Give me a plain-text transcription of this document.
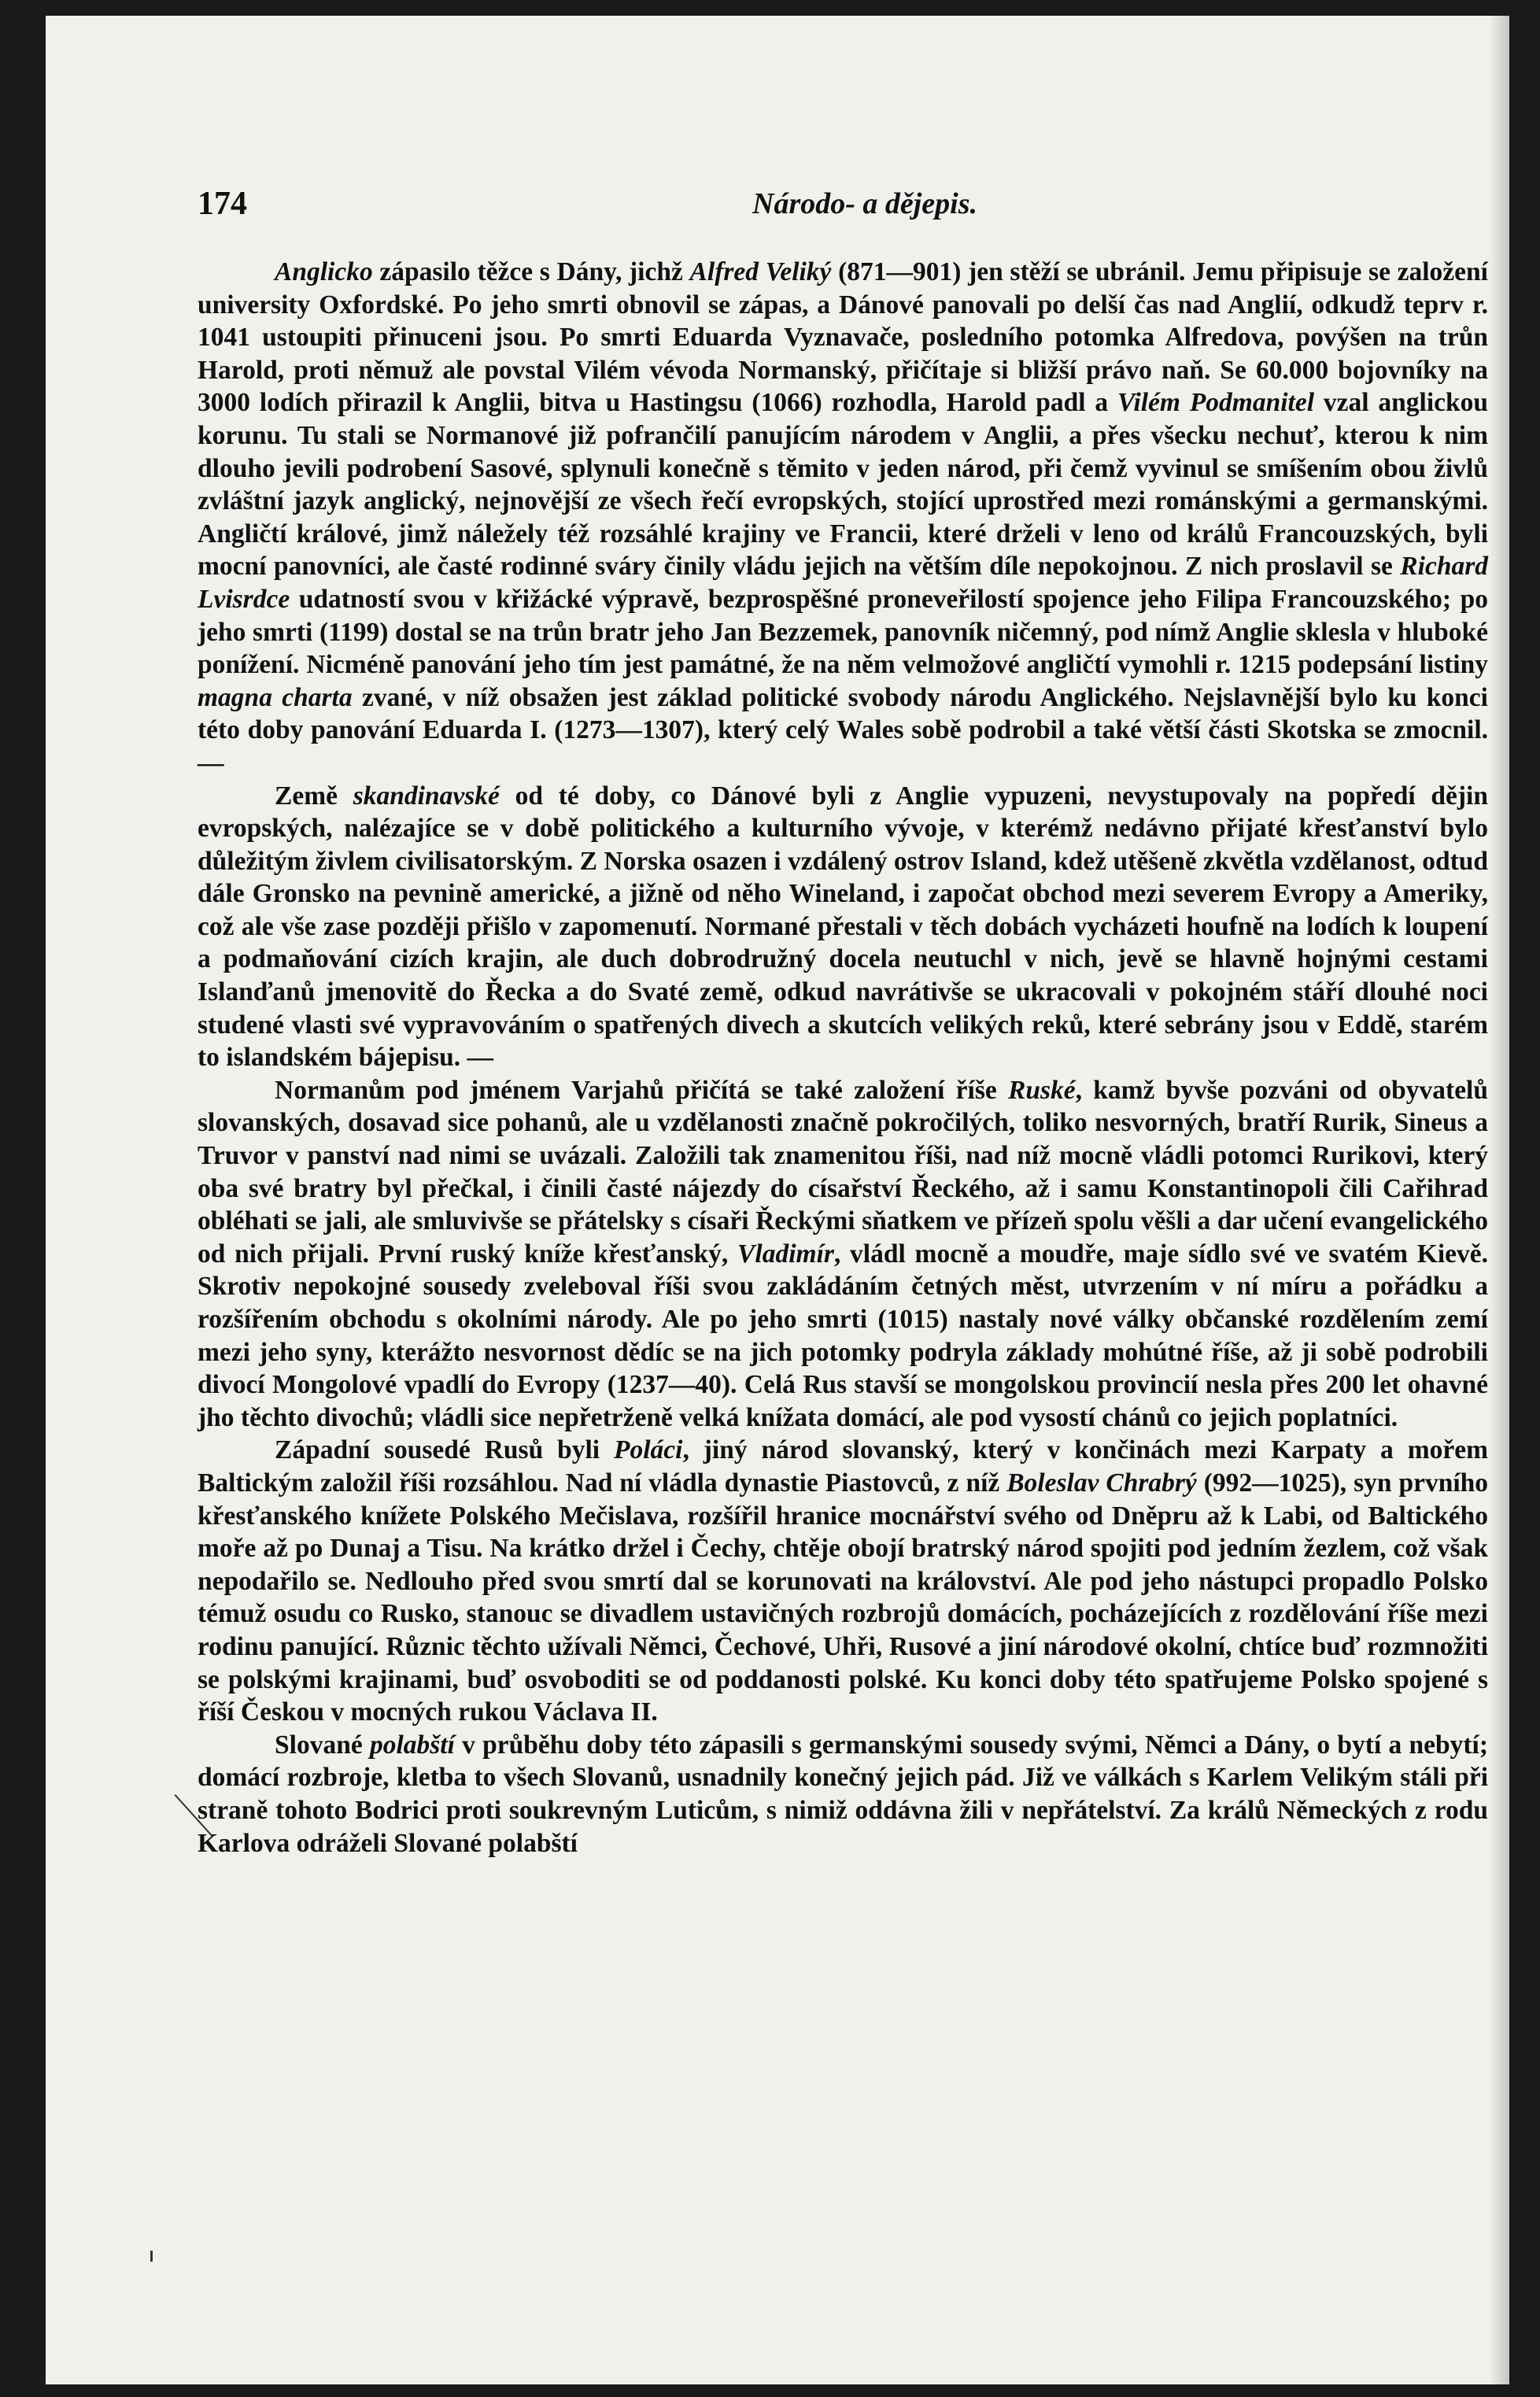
174	Národo- a dějepis.

Anglicko zápasilo těžce s Dány, jichž Alfred Veliký (871—901) jen stěží se ubránil. Jemu připisuje se založení university Oxfordské. Po jeho smrti obnovil se zápas, a Dánové panovali po delší čas nad Anglií, odkudž teprv r. 1041 ustoupiti přinuceni jsou. Po smrti Eduarda Vyznavače, posledního potomka Alfredova, povýšen na trůn Harold, proti němuž ale povstal Vilém vévoda Normanský, přičítaje si bližší právo naň. Se 60.000 bojovníky na 3000 lodích přirazil k Anglii, bitva u Hastingsu (1066) rozhodla, Harold padl a Vilém Podmanitel vzal anglickou korunu. Tu stali se Normanové již pofrančilí panujícím národem v Anglii, a přes všecku nechuť, kterou k nim dlouho jevili podrobení Sasové, splynuli konečně s těmito v jeden národ, při čemž vyvinul se smíšením obou živlů zvláštní jazyk anglický, nejnovější ze všech řečí evropských, stojící uprostřed mezi románskými a germanskými. Angličtí králové, jimž náležely též rozsáhlé krajiny ve Francii, které drželi v leno od králů Francouzských, byli mocní panovníci, ale časté rodinné sváry činily vládu jejich na větším díle nepokojnou. Z nich proslavil se Richard Lvisrdce udatností svou v křižácké výpravě, bezprospěšné proneveřilostí spojence jeho Filipa Francouzského; po jeho smrti (1199) dostal se na trůn bratr jeho Jan Bezzemek, panovník ničemný, pod nímž Anglie sklesla v hluboké ponížení. Nicméně panování jeho tím jest památné, že na něm velmožové angličtí vymohli r. 1215 podepsání listiny magna charta zvané, v níž obsažen jest základ politické svobody národu Anglického. Nejslavnější bylo ku konci této doby panování Eduarda I. (1273—1307), který celý Wales sobě podrobil a také větší části Skotska se zmocnil. —

Země skandinavské od té doby, co Dánové byli z Anglie vypuzeni, nevystupovaly na popředí dějin evropských, nalézajíce se v době politického a kulturního vývoje, v kterémž nedávno přijaté křesťanství bylo důležitým živlem civilisatorským. Z Norska osazen i vzdálený ostrov Island, kdež utěšeně zkvětla vzdělanost, odtud dále Gronsko na pevnině americké, a jižně od něho Wineland, i započat obchod mezi severem Evropy a Ameriky, což ale vše zase později přišlo v zapomenutí. Normané přestali v těch dobách vycházeti houfně na lodích k loupení a podmaňování cizích krajin, ale duch dobrodružný docela neutuchl v nich, jevě se hlavně hojnými cestami Islanďanů jmenovitě do Řecka a do Svaté země, odkud navrátivše se ukracovali v pokojném stáří dlouhé noci studené vlasti své vypravováním o spatřených divech a skutcích velikých reků, které sebrány jsou v Eddě, starém to islandském bájepisu. —

Normanům pod jménem Varjahů přičítá se také založení říše Ruské, kamž byvše pozváni od obyvatelů slovanských, dosavad sice pohanů, ale u vzdělanosti značně pokročilých, toliko nesvorných, bratří Rurik, Sineus a Truvor v panství nad nimi se uvázali. Založili tak znamenitou říši, nad níž mocně vládli potomci Rurikovi, který oba své bratry byl přečkal, i činili časté nájezdy do císařství Řeckého, až i samu Konstantinopoli čili Cařihrad obléhati se jali, ale smluvivše se přátelsky s císaři Řeckými sňatkem ve přízeň spolu věšli a dar učení evangelického od nich přijali. První ruský kníže křesťanský, Vladimír, vládl mocně a moudře, maje sídlo své ve svatém Kievě. Skrotiv nepokojné sousedy zveleboval říši svou zakládáním četných měst, utvrzením v ní míru a pořádku a rozšířením obchodu s okolními národy. Ale po jeho smrti (1015) nastaly nové války občanské rozdělením zemí mezi jeho syny, kterážto nesvornost dědíc se na jich potomky podryla základy mohútné říše, až ji sobě podrobili divocí Mongolové vpadlí do Evropy (1237—40). Celá Rus stavší se mongolskou provincií nesla přes 200 let ohavné jho těchto divochů; vládli sice nepřetrženě velká knížata domácí, ale pod vysostí chánů co jejich poplatníci.

Západní sousedé Rusů byli Poláci, jiný národ slovanský, který v končinách mezi Karpaty a mořem Baltickým založil říši rozsáhlou. Nad ní vládla dynastie Piastovců, z níž Boleslav Chrabrý (992—1025), syn prvního křesťanského knížete Polského Mečislava, rozšířil hranice mocnářství svého od Dněpru až k Labi, od Baltického moře až po Dunaj a Tisu. Na krátko držel i Čechy, chtěje obojí bratrský národ spojiti pod jedním žezlem, což však nepodařilo se. Nedlouho před svou smrtí dal se korunovati na království. Ale pod jeho nástupci propadlo Polsko témuž osudu co Rusko, stanouc se divadlem ustavičných rozbrojů domácích, pocházejících z rozdělování říše mezi rodinu panující. Různic těchto užívali Němci, Čechové, Uhři, Rusové a jiní národové okolní, chtíce buď rozmnožiti se polskými krajinami, buď osvoboditi se od poddanosti polské. Ku konci doby této spatřujeme Polsko spojené s říší Českou v mocných rukou Václava II.

Slované polabští v průběhu doby této zápasili s germanskými sousedy svými, Němci a Dány, o bytí a nebytí; domácí rozbroje, kletba to všech Slovanů, usnadnily konečný jejich pád. Již ve válkách s Karlem Velikým stáli při straně tohoto Bodrici proti soukrevným Luticům, s nimiž oddávna žili v nepřátelství. Za králů Německých z rodu Karlova odráželi Slované polabští
